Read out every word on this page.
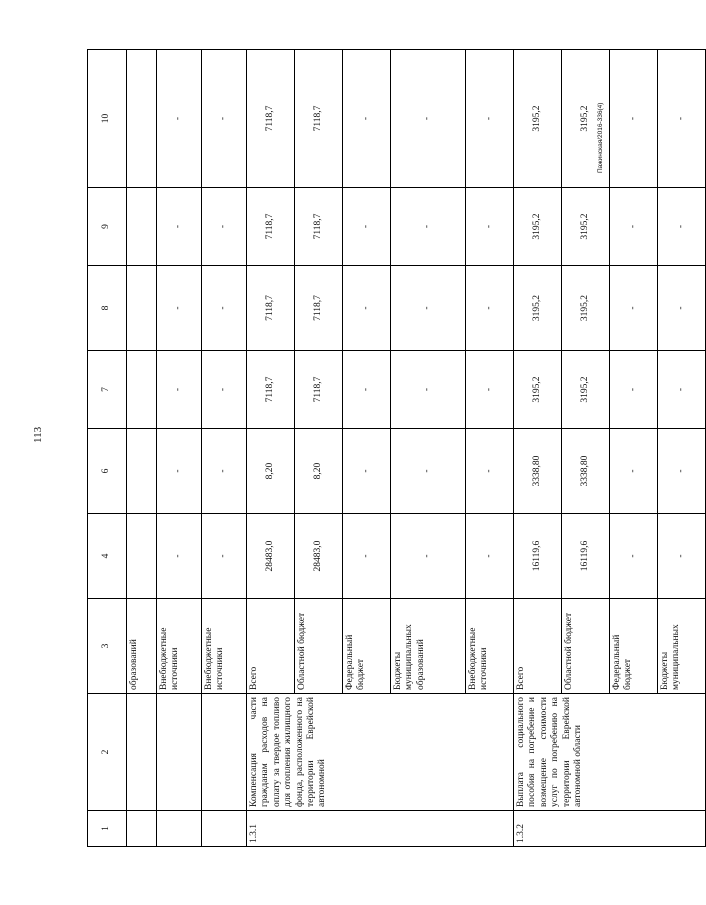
113
Пажинская/2016-336(4)
1	2	3	4	6	7	8	9	10
		образований						
		Внебюджетные источники	-	-	-	-	-	-
		Внебюджетные источники	-	-	-	-	-	-
1.3.1	Компенсация части гражданам расходов на оплату за твердое топливо для отопления жилищного фонда, расположенного на территории Еврейской автономной	Всего	28483,0	8,20	7118,7	7118,7	7118,7	7118,7
		Областной бюджет	28483,0	8,20	7118,7	7118,7	7118,7	7118,7
		Федеральный бюджет	-	-	-	-	-	-
		Бюджеты муниципальных образований	-	-	-	-	-	-
		Внебюджетные источники	-	-	-	-	-	-
1.3.2	Выплата социального пособия на погребение и возмещение стоимости услуг по погребению на территории Еврейской автономной области	Всего	16119,6	3338,80	3195,2	3195,2	3195,2	3195,2
		Областной бюджет	16119,6	3338,80	3195,2	3195,2	3195,2	3195,2
		Федеральный бюджет	-	-	-	-	-	-
		Бюджеты муниципальных	-	-	-	-	-	-
